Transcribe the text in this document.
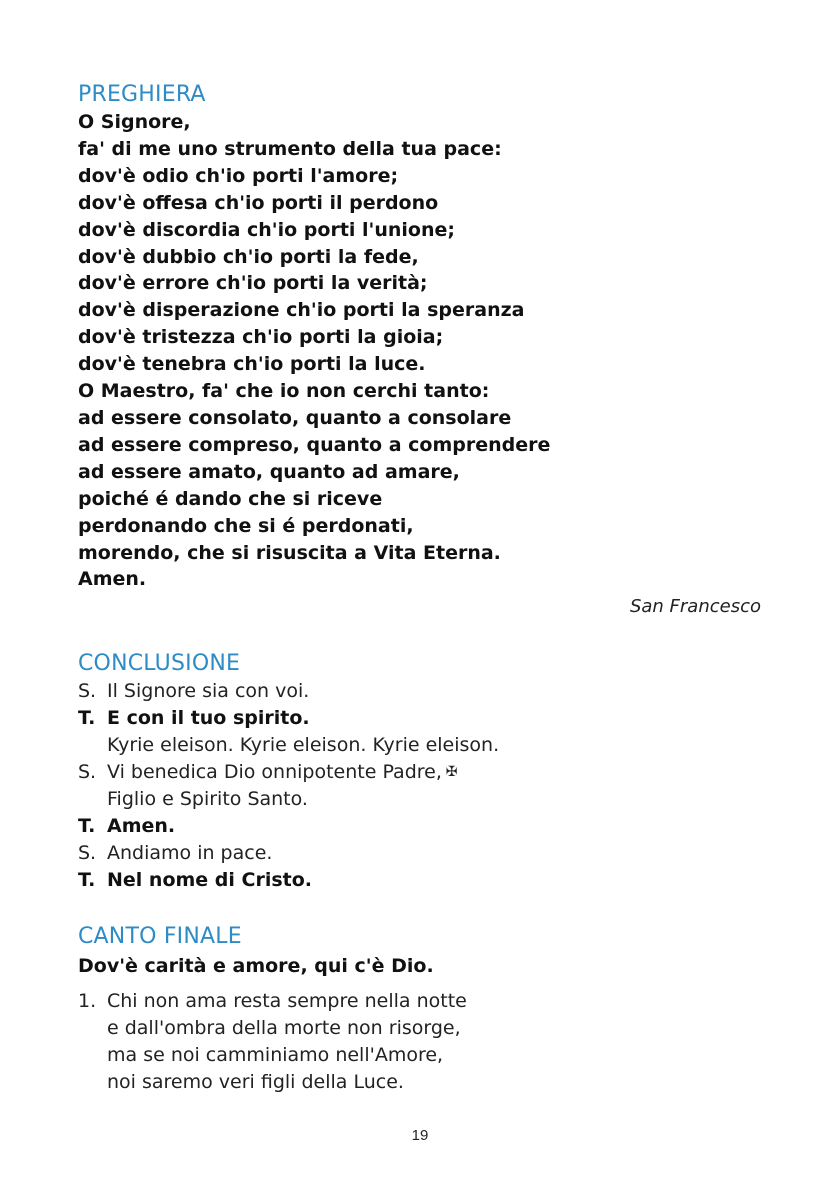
PREGHIERA
O Signore,
fa' di me uno strumento della tua pace:
dov'è odio ch'io porti l'amore;
dov'è offesa ch'io porti il perdono
dov'è discordia ch'io porti l'unione;
dov'è dubbio ch'io porti la fede,
dov'è errore ch'io porti la verità;
dov'è disperazione ch'io porti la speranza
dov'è tristezza ch'io porti la gioia;
dov'è tenebra ch'io porti la luce.
O Maestro, fa' che io non cerchi tanto:
ad essere consolato, quanto a consolare
ad essere compreso, quanto a comprendere
ad essere amato, quanto ad amare,
poiché é dando che si riceve
perdonando che si é perdonati,
morendo, che si risuscita a Vita Eterna.
Amen.
San Francesco
CONCLUSIONE
S. Il Signore sia con voi.
T. E con il tuo spirito.
Kyrie eleison. Kyrie eleison. Kyrie eleison.
S. Vi benedica Dio onnipotente Padre, ✠
Figlio e Spirito Santo.
T. Amen.
S. Andiamo in pace.
T. Nel nome di Cristo.
CANTO FINALE
Dov'è carità e amore, qui c'è Dio.
1. Chi non ama resta sempre nella notte
e dall'ombra della morte non risorge,
ma se noi camminiamo nell'Amore,
noi saremo veri figli della Luce.
19
